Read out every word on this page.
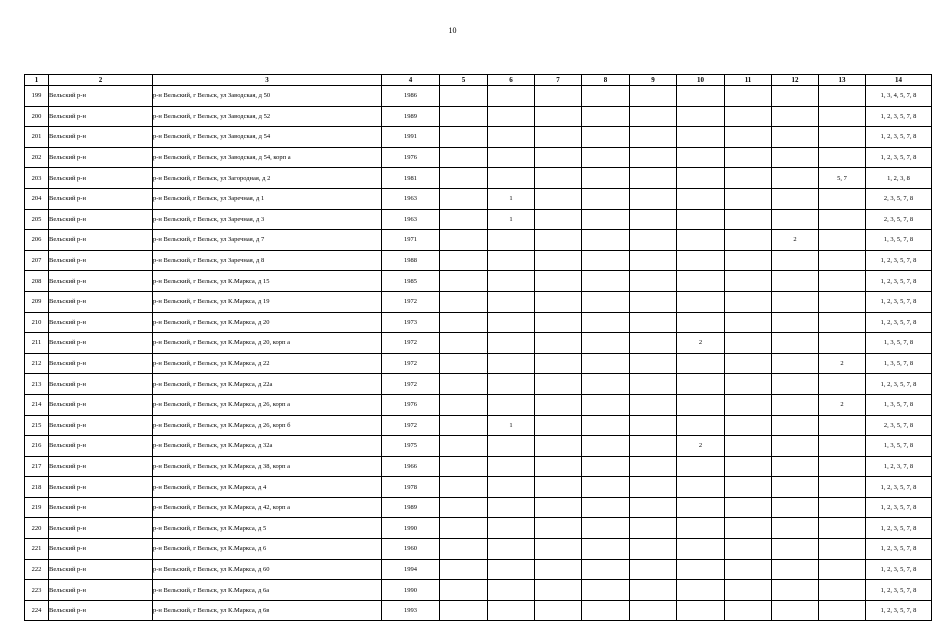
10
1	2	3	4	5	6	7	8	9	10	11	12	13	14
199	Вельский р-н	р-н Вельский, г Вельск, ул Заводская, д 50	1986										1, 3, 4, 5, 7, 8
200	Вельский р-н	р-н Вельский, г Вельск, ул Заводская, д 52	1989										1, 2, 3, 5, 7, 8
201	Вельский р-н	р-н Вельский, г Вельск, ул Заводская, д 54	1991										1, 2, 3, 5, 7, 8
202	Вельский р-н	р-н Вельский, г Вельск, ул Заводская, д 54, корп а	1976										1, 2, 3, 5, 7, 8
203	Вельский р-н	р-н Вельский, г Вельск, ул Загородная, д 2	1981									5, 7	1, 2, 3, 8
204	Вельский р-н	р-н Вельский, г Вельск, ул Заречная, д 1	1963		1								2, 3, 5, 7, 8
205	Вельский р-н	р-н Вельский, г Вельск, ул Заречная, д 3	1963		1								2, 3, 5, 7, 8
206	Вельский р-н	р-н Вельский, г Вельск, ул Заречная, д 7	1971								2		1, 3, 5, 7, 8
207	Вельский р-н	р-н Вельский, г Вельск, ул Заречная, д 8	1988										1, 2, 3, 5, 7, 8
208	Вельский р-н	р-н Вельский, г Вельск, ул К.Маркса, д 15	1985										1, 2, 3, 5, 7, 8
209	Вельский р-н	р-н Вельский, г Вельск, ул К.Маркса, д 19	1972										1, 2, 3, 5, 7, 8
210	Вельский р-н	р-н Вельский, г Вельск, ул К.Маркса, д 20	1973										1, 2, 3, 5, 7, 8
211	Вельский р-н	р-н Вельский, г Вельск, ул К.Маркса, д 20, корп а	1972						2				1, 3, 5, 7, 8
212	Вельский р-н	р-н Вельский, г Вельск, ул К.Маркса, д 22	1972									2	1, 3, 5, 7, 8
213	Вельский р-н	р-н Вельский, г Вельск, ул К.Маркса, д 22а	1972										1, 2, 3, 5, 7, 8
214	Вельский р-н	р-н Вельский, г Вельск, ул К.Маркса, д 26, корп а	1976									2	1, 3, 5, 7, 8
215	Вельский р-н	р-н Вельский, г Вельск, ул К.Маркса, д 26, корп б	1972		1								2, 3, 5, 7, 8
216	Вельский р-н	р-н Вельский, г Вельск, ул К.Маркса, д 32а	1975						2				1, 3, 5, 7, 8
217	Вельский р-н	р-н Вельский, г Вельск, ул К.Маркса, д 38, корп а	1966										1, 2, 3, 7, 8
218	Вельский р-н	р-н Вельский, г Вельск, ул К.Маркса, д 4	1978										1, 2, 3, 5, 7, 8
219	Вельский р-н	р-н Вельский, г Вельск, ул К.Маркса, д 42, корп а	1989										1, 2, 3, 5, 7, 8
220	Вельский р-н	р-н Вельский, г Вельск, ул К.Маркса, д 5	1990										1, 2, 3, 5, 7, 8
221	Вельский р-н	р-н Вельский, г Вельск, ул К.Маркса, д 6	1960										1, 2, 3, 5, 7, 8
222	Вельский р-н	р-н Вельский, г Вельск, ул К.Маркса, д 60	1994										1, 2, 3, 5, 7, 8
223	Вельский р-н	р-н Вельский, г Вельск, ул К.Маркса, д 6а	1990										1, 2, 3, 5, 7, 8
224	Вельский р-н	р-н Вельский, г Вельск, ул К.Маркса, д 6в	1993										1, 2, 3, 5, 7, 8
